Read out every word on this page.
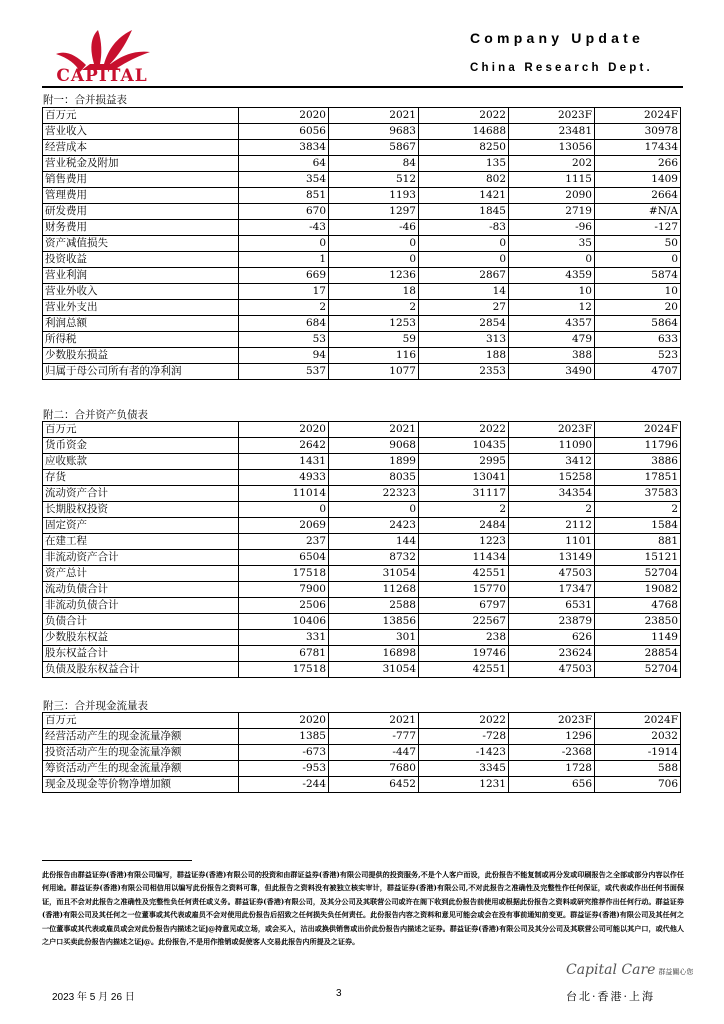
CAPITAL
Company Update
China Research Dept.
附一：合并损益表
百万元	2020	2021	2022	2023F	2024F
营业收入	6056	9683	14688	23481	30978
经营成本	3834	5867	8250	13056	17434
营业税金及附加	64	84	135	202	266
销售费用	354	512	802	1115	1409
管理费用	851	1193	1421	2090	2664
研发费用	670	1297	1845	2719	#N/A
财务费用	-43	-46	-83	-96	-127
资产减值损失	0	0	0	35	50
投资收益	1	0	0	0	0
营业利润	669	1236	2867	4359	5874
营业外收入	17	18	14	10	10
营业外支出	2	2	27	12	20
利润总额	684	1253	2854	4357	5864
所得税	53	59	313	479	633
少数股东损益	94	116	188	388	523
归属于母公司所有者的净利润	537	1077	2353	3490	4707
附二：合并资产负债表
百万元	2020	2021	2022	2023F	2024F
货币资金	2642	9068	10435	11090	11796
应收账款	1431	1899	2995	3412	3886
存货	4933	8035	13041	15258	17851
流动资产合计	11014	22323	31117	34354	37583
长期股权投资	0	0	2	2	2
固定资产	2069	2423	2484	2112	1584
在建工程	237	144	1223	1101	881
非流动资产合计	6504	8732	11434	13149	15121
资产总计	17518	31054	42551	47503	52704
流动负债合计	7900	11268	15770	17347	19082
非流动负债合计	2506	2588	6797	6531	4768
负债合计	10406	13856	22567	23879	23850
少数股东权益	331	301	238	626	1149
股东权益合计	6781	16898	19746	23624	28854
负债及股东权益合计	17518	31054	42551	47503	52704
附三：合并现金流量表
百万元	2020	2021	2022	2023F	2024F
经营活动产生的现金流量净额	1385	-777	-728	1296	2032
投资活动产生的现金流量净额	-673	-447	-1423	-2368	-1914
筹资活动产生的现金流量净额	-953	7680	3345	1728	588
现金及现金等价物净增加额	-244	6452	1231	656	706
此份报告由群益证券(香港)有限公司编写，群益证券(香港)有限公司的投资和由群证益券(香港)有限公司提供的投资服务,不是个人客户而设，此份报告不能复制或再分发或印刷报告之全部或部分内容以作任何用途。群益证券(香港)有限公司相信用以编写此份报告之资料可靠，但此报告之资料没有被独立核实审计，群益证券(香港)有限公司,不对此报告之准确性及完整性作任何保证，或代表或作出任何书面保证，而且不会对此报告之准确性及完整性负任何责任或义务。群益证券(香港)有限公司，及其分公司及其联营公司或许在阁下收到此份报告前使用或根据此份报告之资料或研究推荐作出任何行动。群益证券(香港)有限公司及其任何之一位董事或其代表或雇员不会对使用此份报告后招致之任何损失负任何责任。此份报告内容之资料和意见可能会或会在没有事前通知前变更。群益证券(香港)有限公司及其任何之一位董事或其代表或雇员或会对此份报告内描述之证j@持意见或立场，或会买入，沽出或换供销售或出价此份报告内描述之证券。群益证券(香港)有限公司及其分公司及其联营公司可能以其户口，或代他人之户口买卖此份报告内描述之证j@。此份报告,不是用作推销或促使客人交易此报告内所提及之证券。
2023 年 5 月 26 日	3
Capital Care 群益關心您
台北·香港·上海
